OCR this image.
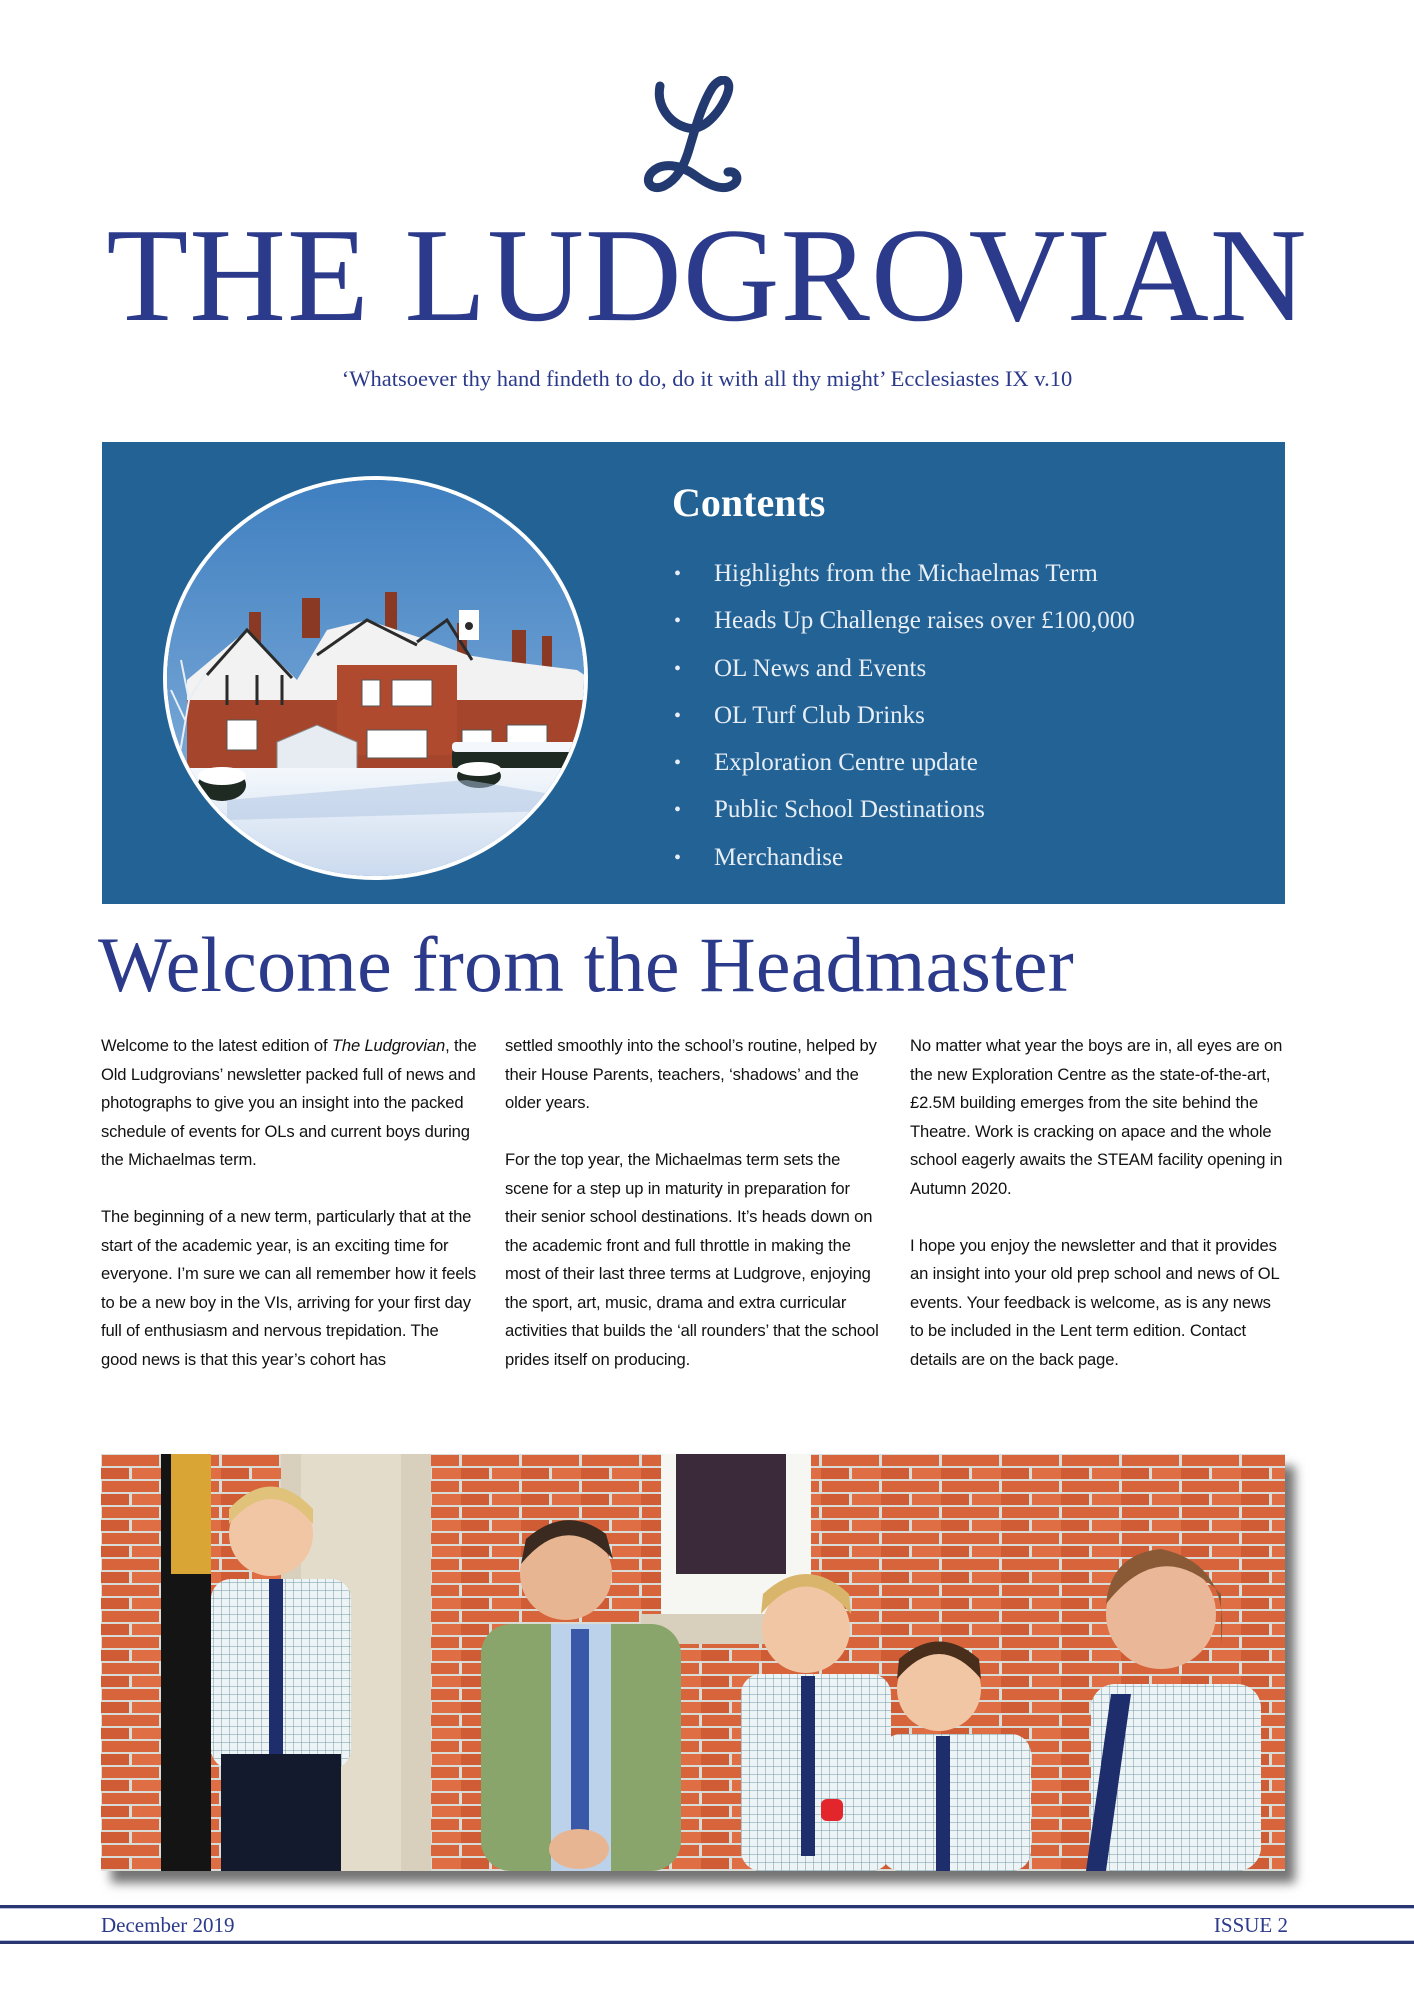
THE LUDGROVIAN
‘Whatsoever thy hand findeth to do, do it with all thy might’ Ecclesiastes IX v.10
Contents
• Highlights from the Michaelmas Term
• Heads Up Challenge raises over £100,000
• OL News and Events
• OL Turf Club Drinks
• Exploration Centre update
• Public School Destinations
• Merchandise
Welcome from the Headmaster

Welcome to the latest edition of The Ludgrovian, the Old Ludgrovians’ newsletter packed full of news and photographs to give you an insight into the packed schedule of events for OLs and current boys during the Michaelmas term.

The beginning of a new term, particularly that at the start of the academic year, is an exciting time for everyone. I’m sure we can all remember how it feels to be a new boy in the VIs, arriving for your first day full of enthusiasm and nervous trepidation. The good news is that this year’s cohort has

settled smoothly into the school’s routine, helped by their House Parents, teachers, ‘shadows’ and the older years.

For the top year, the Michaelmas term sets the scene for a step up in maturity in preparation for their senior school destinations. It’s heads down on the academic front and full throttle in making the most of their last three terms at Ludgrove, enjoying the sport, art, music, drama and extra curricular activities that builds the ‘all rounders’ that the school prides itself on producing.

No matter what year the boys are in, all eyes are on the new Exploration Centre as the state-of-the-art, £2.5M building emerges from the site behind the Theatre. Work is cracking on apace and the whole school eagerly awaits the STEAM facility opening in Autumn 2020.

I hope you enjoy the newsletter and that it provides an insight into your old prep school and news of OL events. Your feedback is welcome, as is any news to be included in the Lent term edition. Contact details are on the back page.

December 2019	ISSUE 2
